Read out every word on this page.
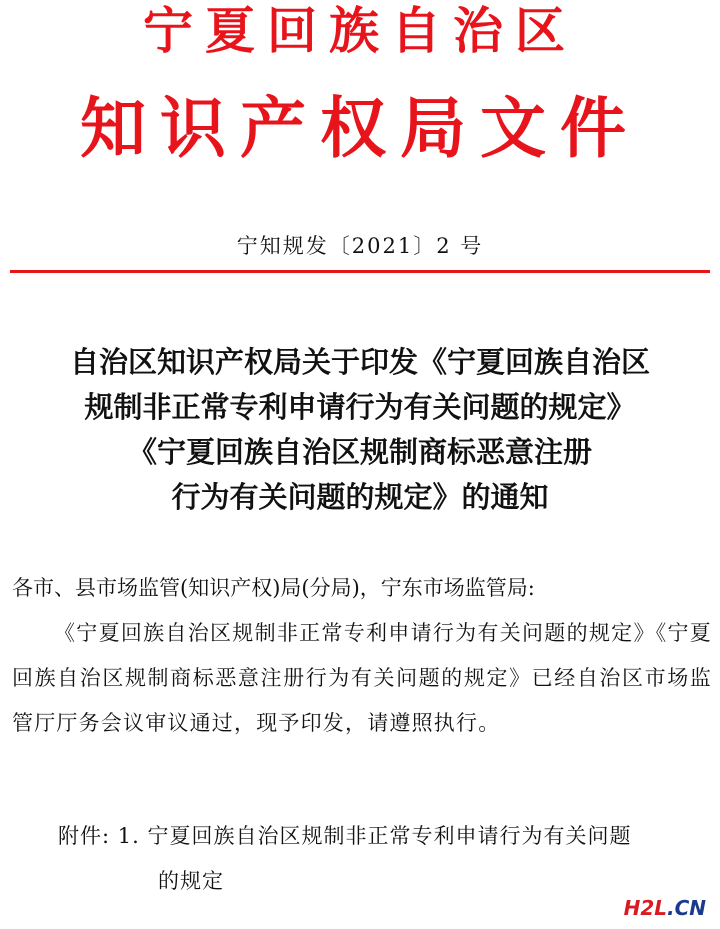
宁夏回族自治区
知识产权局文件
宁知规发〔2021〕2 号
自治区知识产权局关于印发《宁夏回族自治区
规制非正常专利申请行为有关问题的规定》
《宁夏回族自治区规制商标恶意注册
行为有关问题的规定》的通知

各市、县市场监管(知识产权)局(分局)，宁东市场监管局:

《宁夏回族自治区规制非正常专利申请行为有关问题的规定》《宁夏回族自治区规制商标恶意注册行为有关问题的规定》已经自治区市场监管厅厅务会议审议通过，现予印发，请遵照执行。

附件: 1. 宁夏回族自治区规制非正常专利申请行为有关问题
的规定
H2L.CN
